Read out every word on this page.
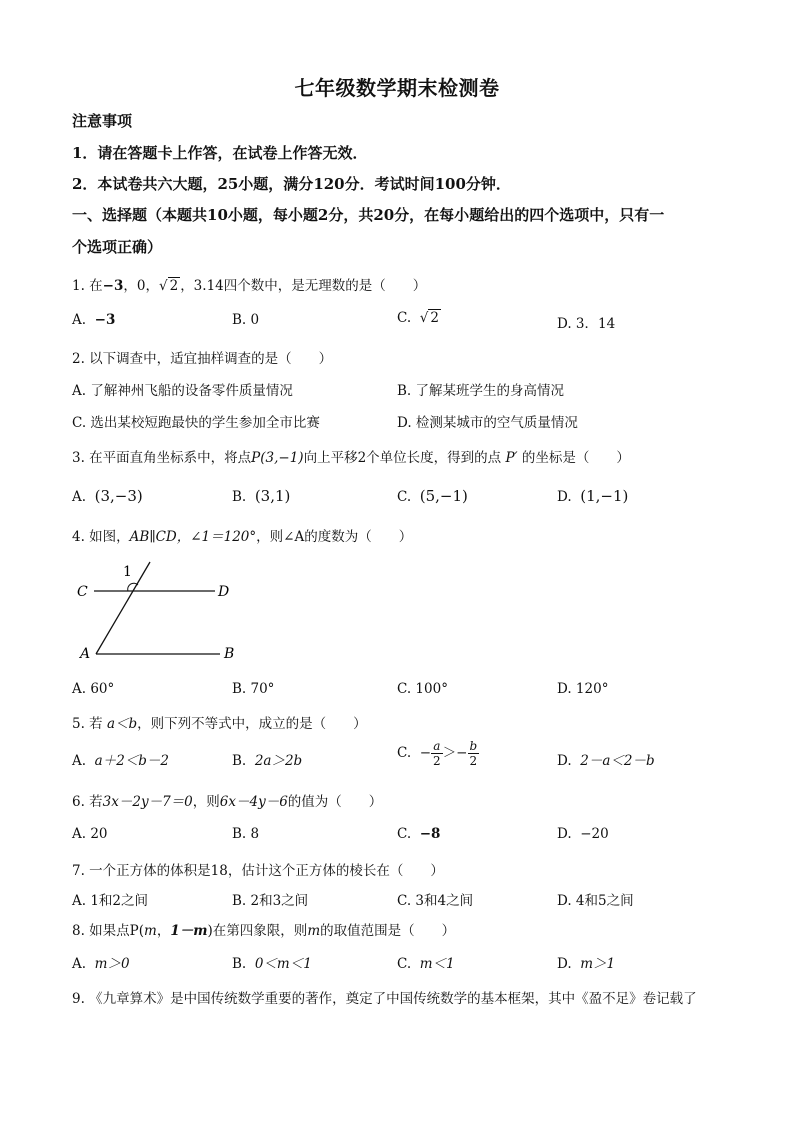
七年级数学期末检测卷
注意事项
1．请在答题卡上作答，在试卷上作答无效．
2．本试卷共六大题，25小题，满分120分．考试时间100分钟．
一、选择题（本题共10小题，每小题2分，共20分，在每小题给出的四个选项中，只有一
个选项正确）
1. 在−3，0，√ 2 ，3.14四个数中，是无理数的是（　　）
A. −3	B. 0	C. √ 2	D. 3．14
2. 以下调查中，适宜抽样调查的是（　　）
A. 了解神州飞船的设备零件质量情况	B. 了解某班学生的身高情况
C. 选出某校短跑最快的学生参加全市比赛	D. 检测某城市的空气质量情况
3. 在平面直角坐标系中，将点P(3,−1)向上平移2个单位长度，得到的点 P′ 的坐标是（　　）
A. (3,−3)	B. (3,1)	C. (5,−1)	D. (1,−1)
4. 如图，AB∥CD，∠1＝120°，则∠A的度数为（　　）
C	D
A	B
1
A. 60°	B. 70°	C. 100°	D. 120°
5. 若 a＜b，则下列不等式中，成立的是（　　）
A. a＋2＜b－2	B. 2a＞2b	C. − $\frac{a}{2} >- \frac{b}{2}$	D. 2－a＜2－b
6. 若3x－2y－7＝0，则6x－4y－6的值为（　　）
A. 20	B. 8	C. −8	D. −20
7. 一个正方体的体积是18，估计这个正方体的棱长在（　　）
A. 1和2之间	B. 2和3之间	C. 3和4之间	D. 4和5之间
8. 如果点P(m，1－m)在第四象限，则m的取值范围是（　　）
A. m＞0	B. 0＜m＜1	C. m＜1	D. m＞1
9. 《九章算术》是中国传统数学重要的著作，奠定了中国传统数学的基本框架，其中《盈不足》卷记载了
